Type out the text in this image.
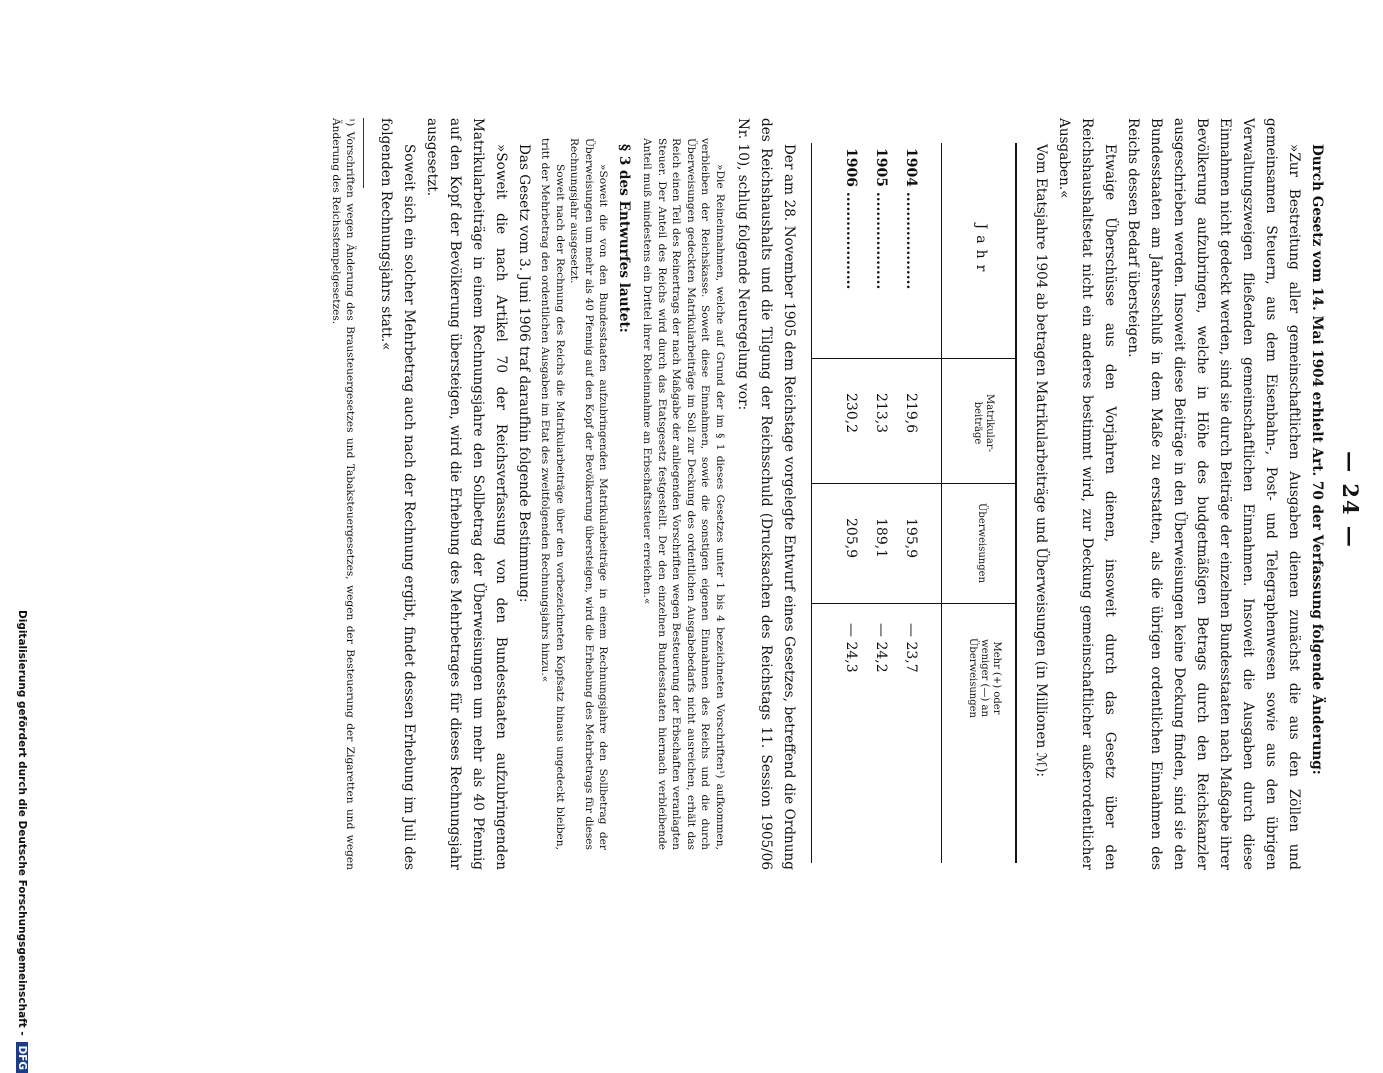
— 24 —

Durch Gesetz vom 14. Mai 1904 erhielt Art. 70 der Verfassung folgende Änderung:

»Zur Bestreitung aller gemeinschaftlichen Ausgaben dienen zunächst die aus den Zöllen und gemeinsamen Steuern, aus dem Eisenbahn-, Post- und Telegraphenwesen sowie aus den übrigen Verwaltungszweigen fließenden gemeinschaftlichen Einnahmen. Insoweit die Ausgaben durch diese Einnahmen nicht gedeckt werden, sind sie durch Beiträge der einzelnen Bundesstaaten nach Maßgabe ihrer Bevölkerung aufzubringen, welche in Höhe des budgetmäßigen Betrags durch den Reichskanzler ausgeschrieben werden. Insoweit diese Beiträge in den Überweisungen keine Deckung finden, sind sie den Bundesstaaten am Jahresschluß in dem Maße zu erstatten, als die übrigen ordentlichen Einnahmen des Reichs dessen Bedarf übersteigen.

Etwaige Überschüsse aus den Vorjahren dienen, insoweit durch das Gesetz über den Reichshaushaltsetat nicht ein anderes bestimmt wird, zur Deckung gemeinschaftlicher außerordentlicher Ausgaben.«

Vom Etatsjahre 1904 ab betragen Matrikularbeiträge und Überweisungen (in Millionen ℳ):

Jahr
Matrikular-beiträge
Überweisungen
Mehr (+) oder weniger (—) an Überweisungen
1904 ....................
219,6
195,9
— 23,7
1905 ....................
213,3
189,1
— 24,2
1906 ....................
230,2
205,9
— 24,3

Der am 28. November 1905 dem Reichstage vorgelegte Entwurf eines Gesetzes, betreffend die Ordnung des Reichshaushalts und die Tilgung der Reichsschuld (Drucksachen des Reichstags 11. Session 1905/06 Nr. 10), schlug folgende Neuregelung vor:

»Die Reineinnahmen, welche auf Grund der im § 1 dieses Gesetzes unter 1 bis 4 bezeichneten Vorschriften¹) aufkommen, verbleiben der Reichskasse. Soweit diese Einnahmen, sowie die sonstigen eigenen Einnahmen des Reichs und die durch Überweisungen gedeckten Matrikularbeiträge im Soll zur Deckung des ordentlichen Ausgabebedarfs nicht ausreichen, erhält das Reich einen Teil des Reinertrags der nach Maßgabe der anliegenden Vorschriften wegen Besteuerung der Erbschaften veranlagten Steuer. Der Anteil des Reichs wird durch das Etatsgesetz festgestellt. Der den einzelnen Bundesstaaten hiernach verbleibende Anteil muß mindestens ein Drittel ihrer Roheinnahme an Erbschaftssteuer erreichen.«

§ 3 des Entwurfes lautet:

»Soweit die von den Bundesstaaten aufzubringenden Matrikularbeiträge in einem Rechnungsjahre den Sollbetrag der Überweisungen um mehr als 40 Pfennig auf den Kopf der Bevölkerung übersteigen, wird die Erhebung des Mehrbetrags für dieses Rechnungsjahr ausgesetzt.

Soweit nach der Rechnung des Reichs die Matrikularbeiträge über den vorbezeichneten Kopfsatz hinaus ungedeckt bleiben, tritt der Mehrbetrag den ordentlichen Ausgaben im Etat des zweitfolgenden Rechnungsjahrs hinzu.«

Das Gesetz vom 3. Juni 1906 traf daraufhin folgende Bestimmung:

»Soweit die nach Artikel 70 der Reichsverfassung von den Bundesstaaten aufzubringenden Matrikularbeiträge in einem Rechnungsjahre den Sollbetrag der Überweisungen um mehr als 40 Pfennig auf den Kopf der Bevölkerung übersteigen, wird die Erhebung des Mehrbetrages für dieses Rechnungsjahr ausgesetzt.

Soweit sich ein solcher Mehrbetrag auch nach der Rechnung ergibt, findet dessen Erhebung im Juli des folgenden Rechnungsjahrs statt.«

¹) Vorschriften wegen Änderung des Brausteuergesetzes und Tabaksteuergesetzes, wegen der Besteuerung der Zigaretten und wegen Änderung des Reichsstempelgesetzes.

Digitalisierung gefördert durch die Deutsche Forschungsgemeinschaft - DFG
